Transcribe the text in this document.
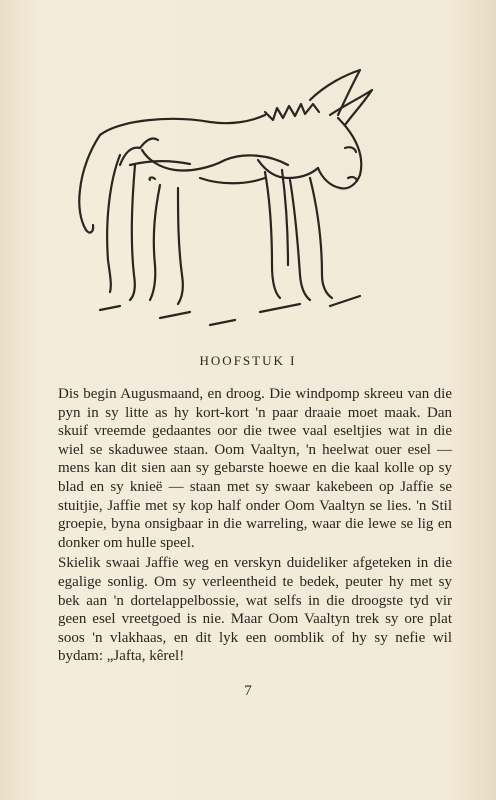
HOOFSTUK I

Dis begin Augusmaand, en droog. Die windpomp skreeu van die pyn in sy litte as hy kort-kort 'n paar draaie moet maak. Dan skuif vreemde gedaantes oor die twee vaal eseltjies wat in die wiel se skaduwee staan. Oom Vaaltyn, 'n heelwat ouer esel — mens kan dit sien aan sy gebarste hoewe en die kaal kolle op sy blad en sy knieë — staan met sy swaar kakebeen op Jaffie se stuitjie, Jaffie met sy kop half onder Oom Vaaltyn se lies. 'n Stil groepie, byna onsigbaar in die warreling, waar die lewe se lig en donker om hulle speel.

Skielik swaai Jaffie weg en verskyn duideliker afgeteken in die egalige sonlig. Om sy verleentheid te bedek, peuter hy met sy bek aan 'n dortelappelbossie, wat selfs in die droogste tyd vir geen esel vreetgoed is nie. Maar Oom Vaaltyn trek sy ore plat soos 'n vlakhaas, en dit lyk een oomblik of hy sy nefie wil bydam: „Jafta, kêrel!

7
